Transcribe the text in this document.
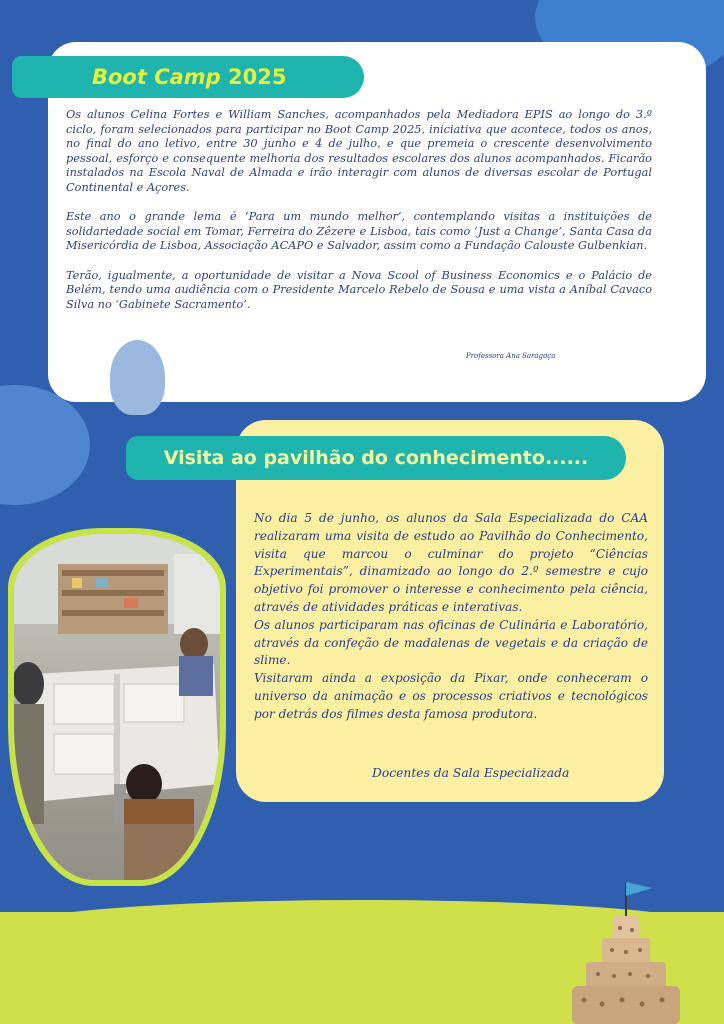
Boot Camp 2025

Os alunos Celina Fortes e William Sanches, acompanhados pela Mediadora EPIS ao longo do 3.º ciclo, foram selecionados para participar no Boot Camp 2025, iniciativa que acontece, todos os anos, no final do ano letivo, entre 30 junho e 4 de julho, e que premeia o crescente desenvolvimento pessoal, esforço e consequente melhoria dos resultados escolares dos alunos acompanhados. Ficarão instalados na Escola Naval de Almada e irão interagir com alunos de diversas escolar de Portugal Continental e Açores.

Este ano o grande lema é ‘Para um mundo melhor’, contemplando visitas a instituições de solidariedade social em Tomar, Ferreira do Zêzere e Lisboa, tais como ‘Just a Change’, Santa Casa da Misericórdia de Lisboa, Associação ACAPO e Salvador, assim como a Fundação Calouste Gulbenkian.

Terão, igualmente, a oportunidade de visitar a Nova Scool of Business Economics e o Palácio de Belém, tendo uma audiência com o Presidente Marcelo Rebelo de Sousa e uma vista a Aníbal Cavaco Silva no ‘Gabinete Sacramento’.

Professora Ana Saragoça
Visita ao pavilhão do conhecimento......
No dia 5 de junho, os alunos da Sala Especializada do CAA realizaram uma visita de estudo ao Pavilhão do Conhecimento, visita que marcou o culminar do projeto “Ciências Experimentais”, dinamizado ao longo do 2.º semestre e cujo objetivo foi promover o interesse e conhecimento pela ciência, através de atividades práticas e interativas.
Os alunos participaram nas oficinas de Culinária e Laboratório, através da confeção de madalenas de vegetais e da criação de slime.
Visitaram ainda a exposição da Pixar, onde conheceram o universo da animação e os processos criativos e tecnológicos por detrás dos filmes desta famosa produtora.
Docentes da Sala Especializada
